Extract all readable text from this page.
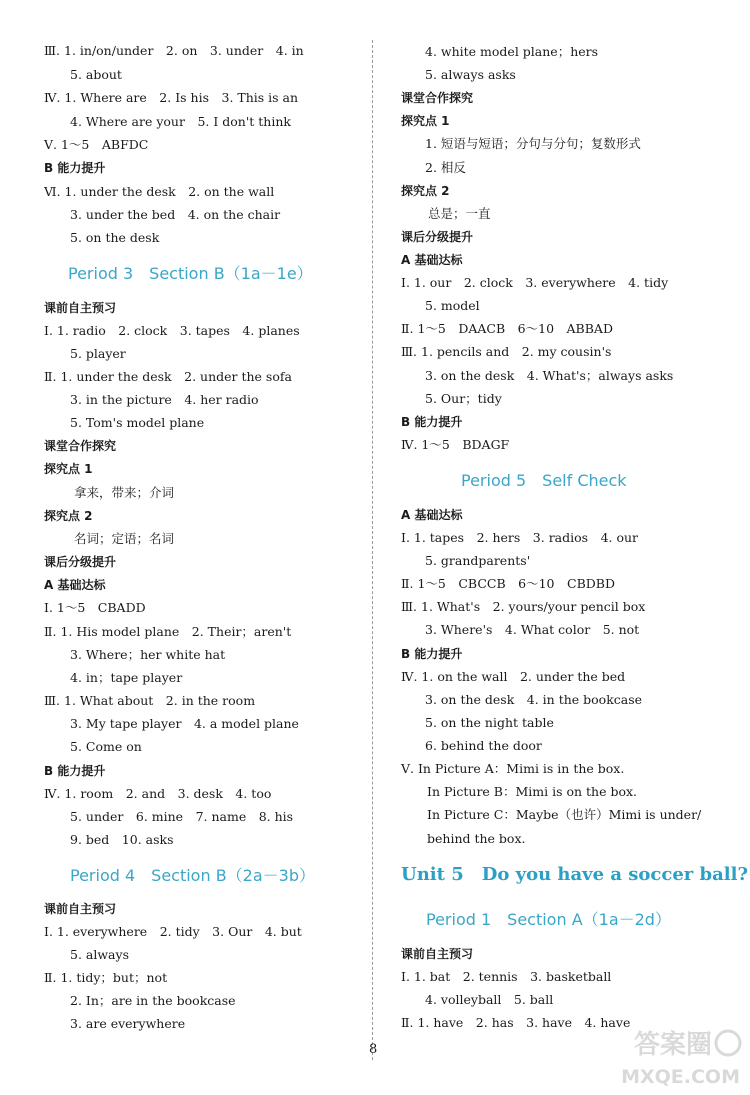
Ⅲ. 1. in/on/under　2. on　3. under　4. in
5. about
Ⅳ. 1. Where are　2. Is his　3. This is an
4. Where are your　5. I don't think
Ⅴ. 1～5　ABFDC
B 能力提升
Ⅵ. 1. under the desk　2. on the wall
3. under the bed　4. on the chair
5. on the desk
Period 3　Section B（1a－1e）
课前自主预习
Ⅰ. 1. radio　2. clock　3. tapes　4. planes
5. player
Ⅱ. 1. under the desk　2. under the sofa
3. in the picture　4. her radio
5. Tom's model plane
课堂合作探究
探究点 1
拿来，带来；介词
探究点 2
名词；定语；名词
课后分级提升
A 基础达标
Ⅰ. 1～5　CBADD
Ⅱ. 1. His model plane　2. Their；aren't
3. Where；her white hat
4. in；tape player
Ⅲ. 1. What about　2. in the room
3. My tape player　4. a model plane
5. Come on
B 能力提升
Ⅳ. 1. room　2. and　3. desk　4. too
5. under　6. mine　7. name　8. his
9. bed　10. asks
Period 4　Section B（2a－3b）
课前自主预习
Ⅰ. 1. everywhere　2. tidy　3. Our　4. but
5. always
Ⅱ. 1. tidy；but；not
2. In；are in the bookcase
3. are everywhere
4. white model plane；hers
5. always asks
课堂合作探究
探究点 1
1. 短语与短语；分句与分句；复数形式
2. 相反
探究点 2
总是；一直
课后分级提升
A 基础达标
Ⅰ. 1. our　2. clock　3. everywhere　4. tidy
5. model
Ⅱ. 1～5　DAACB　6～10　ABBAD
Ⅲ. 1. pencils and　2. my cousin's
3. on the desk　4. What's；always asks
5. Our；tidy
B 能力提升
Ⅳ. 1～5　BDAGF
Period 5　Self Check
A 基础达标
Ⅰ. 1. tapes　2. hers　3. radios　4. our
5. grandparents'
Ⅱ. 1～5　CBCCB　6～10　CBDBD
Ⅲ. 1. What's　2. yours/your pencil box
3. Where's　4. What color　5. not
B 能力提升
Ⅳ. 1. on the wall　2. under the bed
3. on the desk　4. in the bookcase
5. on the night table
6. behind the door
Ⅴ. In Picture A：Mimi is in the box.
In Picture B：Mimi is on the box.
In Picture C：Maybe（也许）Mimi is under/
behind the box.
Unit 5　Do you have a soccer ball?
Period 1　Section A（1a－2d）
课前自主预习
Ⅰ. 1. bat　2. tennis　3. basketball
4. volleyball　5. ball
Ⅱ. 1. have　2. has　3. have　4. have
8	答案圈
MXQE.COM
